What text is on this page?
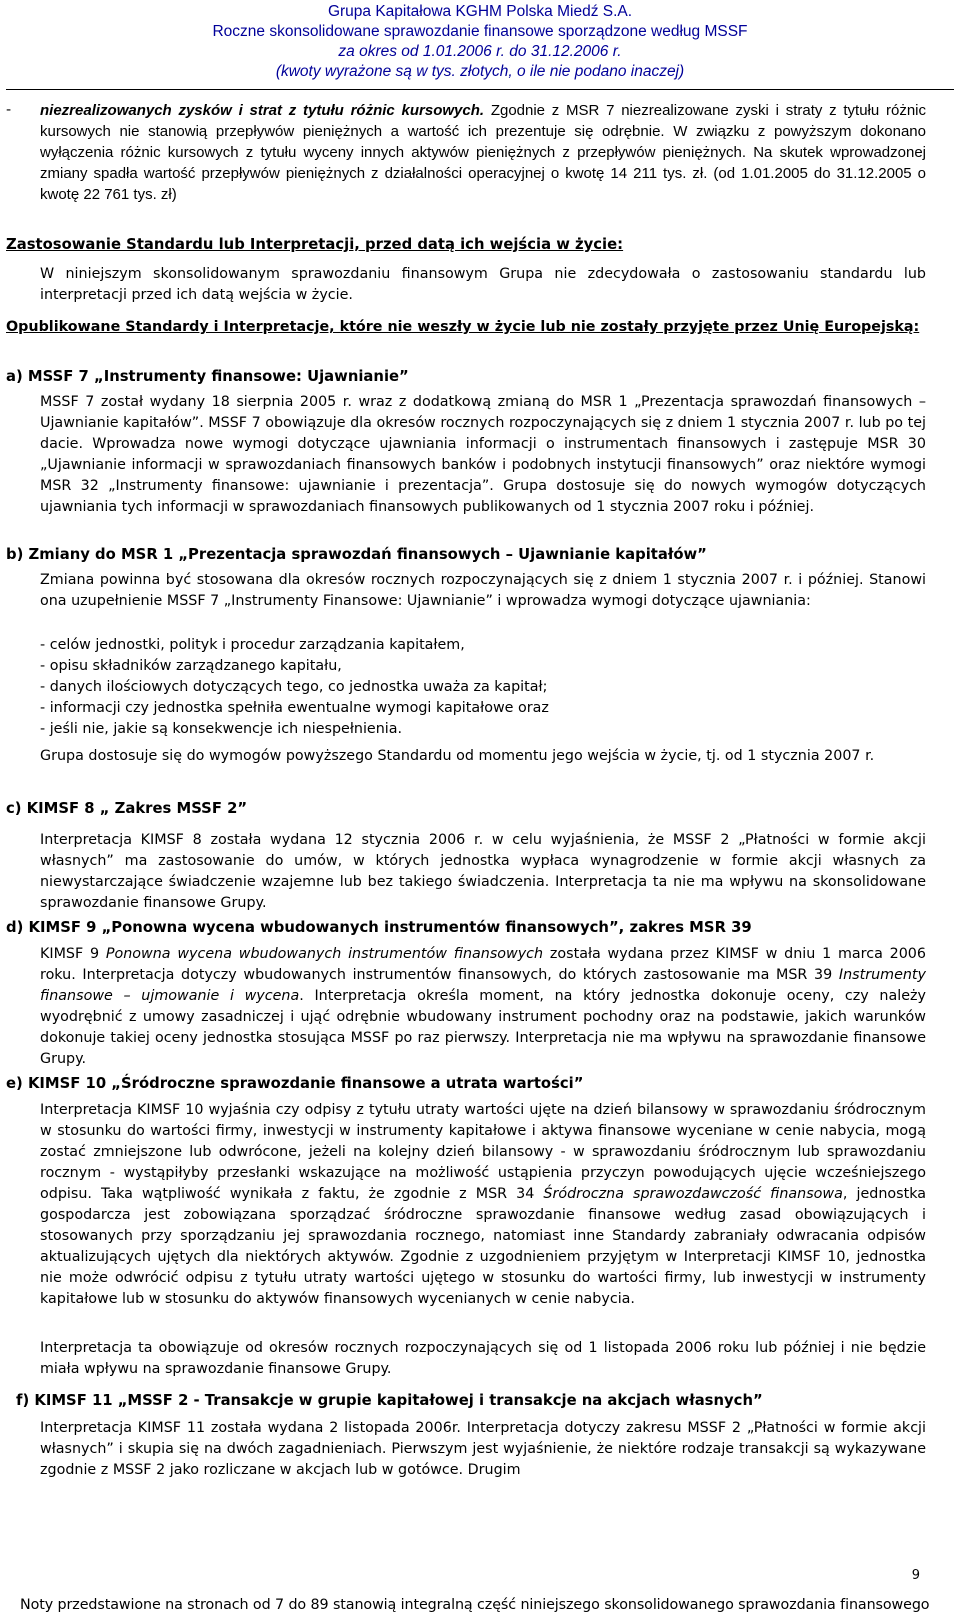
Grupa Kapitałowa KGHM Polska Miedź S.A.
Roczne skonsolidowane sprawozdanie finansowe sporządzone według MSSF
za okres od 1.01.2006 r. do 31.12.2006 r.
(kwoty wyrażone są w tys. złotych, o ile nie podano inaczej)
- niezrealizowanych zysków i strat z tytułu różnic kursowych. Zgodnie z MSR 7 niezrealizowane zyski i straty z tytułu różnic kursowych nie stanowią przepływów pieniężnych a wartość ich prezentuje się odrębnie. W związku z powyższym dokonano wyłączenia różnic kursowych z tytułu wyceny innych aktywów pieniężnych z przepływów pieniężnych. Na skutek wprowadzonej zmiany spadła wartość przepływów pieniężnych z działalności operacyjnej o kwotę 14 211 tys. zł. (od 1.01.2005 do 31.12.2005 o kwotę 22 761 tys. zł)
Zastosowanie Standardu lub Interpretacji, przed datą ich wejścia w życie:
W niniejszym skonsolidowanym sprawozdaniu finansowym Grupa nie zdecydowała o zastosowaniu standardu lub interpretacji przed ich datą wejścia w życie.
Opublikowane Standardy i Interpretacje, które nie weszły w życie lub nie zostały przyjęte przez Unię Europejską:
a) MSSF 7 „Instrumenty finansowe: Ujawnianie”
MSSF 7 został wydany 18 sierpnia 2005 r. wraz z dodatkową zmianą do MSR 1 „Prezentacja sprawozdań finansowych – Ujawnianie kapitałów”. MSSF 7 obowiązuje dla okresów rocznych rozpoczynających się z dniem 1 stycznia 2007 r. lub po tej dacie. Wprowadza nowe wymogi dotyczące ujawniania informacji o instrumentach finansowych i zastępuje MSR 30 „Ujawnianie informacji w sprawozdaniach finansowych banków i podobnych instytucji finansowych” oraz niektóre wymogi MSR 32 „Instrumenty finansowe: ujawnianie i prezentacja”. Grupa dostosuje się do nowych wymogów dotyczących ujawniania tych informacji w sprawozdaniach finansowych publikowanych od 1 stycznia 2007 roku i później.
b) Zmiany do MSR 1 „Prezentacja sprawozdań finansowych – Ujawnianie kapitałów”
Zmiana powinna być stosowana dla okresów rocznych rozpoczynających się z dniem 1 stycznia 2007 r. i później. Stanowi ona uzupełnienie MSSF 7 „Instrumenty Finansowe: Ujawnianie” i wprowadza wymogi dotyczące ujawniania:
- celów jednostki, polityk i procedur zarządzania kapitałem,
- opisu składników zarządzanego kapitału,
- danych ilościowych dotyczących tego, co jednostka uważa za kapitał;
- informacji czy jednostka spełniła ewentualne wymogi kapitałowe oraz
- jeśli nie, jakie są konsekwencje ich niespełnienia.
Grupa dostosuje się do wymogów powyższego Standardu od momentu jego wejścia w życie, tj. od 1 stycznia 2007 r.
c) KIMSF 8 „ Zakres MSSF 2”
Interpretacja KIMSF 8 została wydana 12 stycznia 2006 r. w celu wyjaśnienia, że MSSF 2 „Płatności w formie akcji własnych” ma zastosowanie do umów, w których jednostka wypłaca wynagrodzenie w formie akcji własnych za niewystarczające świadczenie wzajemne lub bez takiego świadczenia. Interpretacja ta nie ma wpływu na skonsolidowane sprawozdanie finansowe Grupy.
d) KIMSF 9 „Ponowna wycena wbudowanych instrumentów finansowych”, zakres MSR 39
KIMSF 9 Ponowna wycena wbudowanych instrumentów finansowych została wydana przez KIMSF w dniu 1 marca 2006 roku. Interpretacja dotyczy wbudowanych instrumentów finansowych, do których zastosowanie ma MSR 39 Instrumenty finansowe – ujmowanie i wycena. Interpretacja określa moment, na który jednostka dokonuje oceny, czy należy wyodrębnić z umowy zasadniczej i ująć odrębnie wbudowany instrument pochodny oraz na podstawie, jakich warunków dokonuje takiej oceny jednostka stosująca MSSF po raz pierwszy. Interpretacja nie ma wpływu na sprawozdanie finansowe Grupy.
e) KIMSF 10 „Śródroczne sprawozdanie finansowe a utrata wartości”
Interpretacja KIMSF 10 wyjaśnia czy odpisy z tytułu utraty wartości ujęte na dzień bilansowy w sprawozdaniu śródrocznym w stosunku do wartości firmy, inwestycji w instrumenty kapitałowe i aktywa finansowe wyceniane w cenie nabycia, mogą zostać zmniejszone lub odwrócone, jeżeli na kolejny dzień bilansowy - w sprawozdaniu śródrocznym lub sprawozdaniu rocznym - wystąpiłyby przesłanki wskazujące na możliwość ustąpienia przyczyn powodujących ujęcie wcześniejszego odpisu. Taka wątpliwość wynikała z faktu, że zgodnie z MSR 34 Śródroczna sprawozdawczość finansowa, jednostka gospodarcza jest zobowiązana sporządzać śródroczne sprawozdanie finansowe według zasad obowiązujących i stosowanych przy sporządzaniu jej sprawozdania rocznego, natomiast inne Standardy zabraniały odwracania odpisów aktualizujących ujętych dla niektórych aktywów. Zgodnie z uzgodnieniem przyjętym w Interpretacji KIMSF 10, jednostka nie może odwrócić odpisu z tytułu utraty wartości ujętego w stosunku do wartości firmy, lub inwestycji w instrumenty kapitałowe lub w stosunku do aktywów finansowych wycenianych w cenie nabycia.
Interpretacja ta obowiązuje od okresów rocznych rozpoczynających się od 1 listopada 2006 roku lub później i nie będzie miała wpływu na sprawozdanie finansowe Grupy.
f) KIMSF 11 „MSSF 2 - Transakcje w grupie kapitałowej i transakcje na akcjach własnych”
Interpretacja KIMSF 11 została wydana 2 listopada 2006r. Interpretacja dotyczy zakresu MSSF 2 „Płatności w formie akcji własnych” i skupia się na dwóch zagadnieniach. Pierwszym jest wyjaśnienie, że niektóre rodzaje transakcji są wykazywane zgodnie z MSSF 2 jako rozliczane w akcjach lub w gotówce. Drugim
9
Noty przedstawione na stronach od 7 do 89 stanowią integralną część niniejszego skonsolidowanego sprawozdania finansowego
